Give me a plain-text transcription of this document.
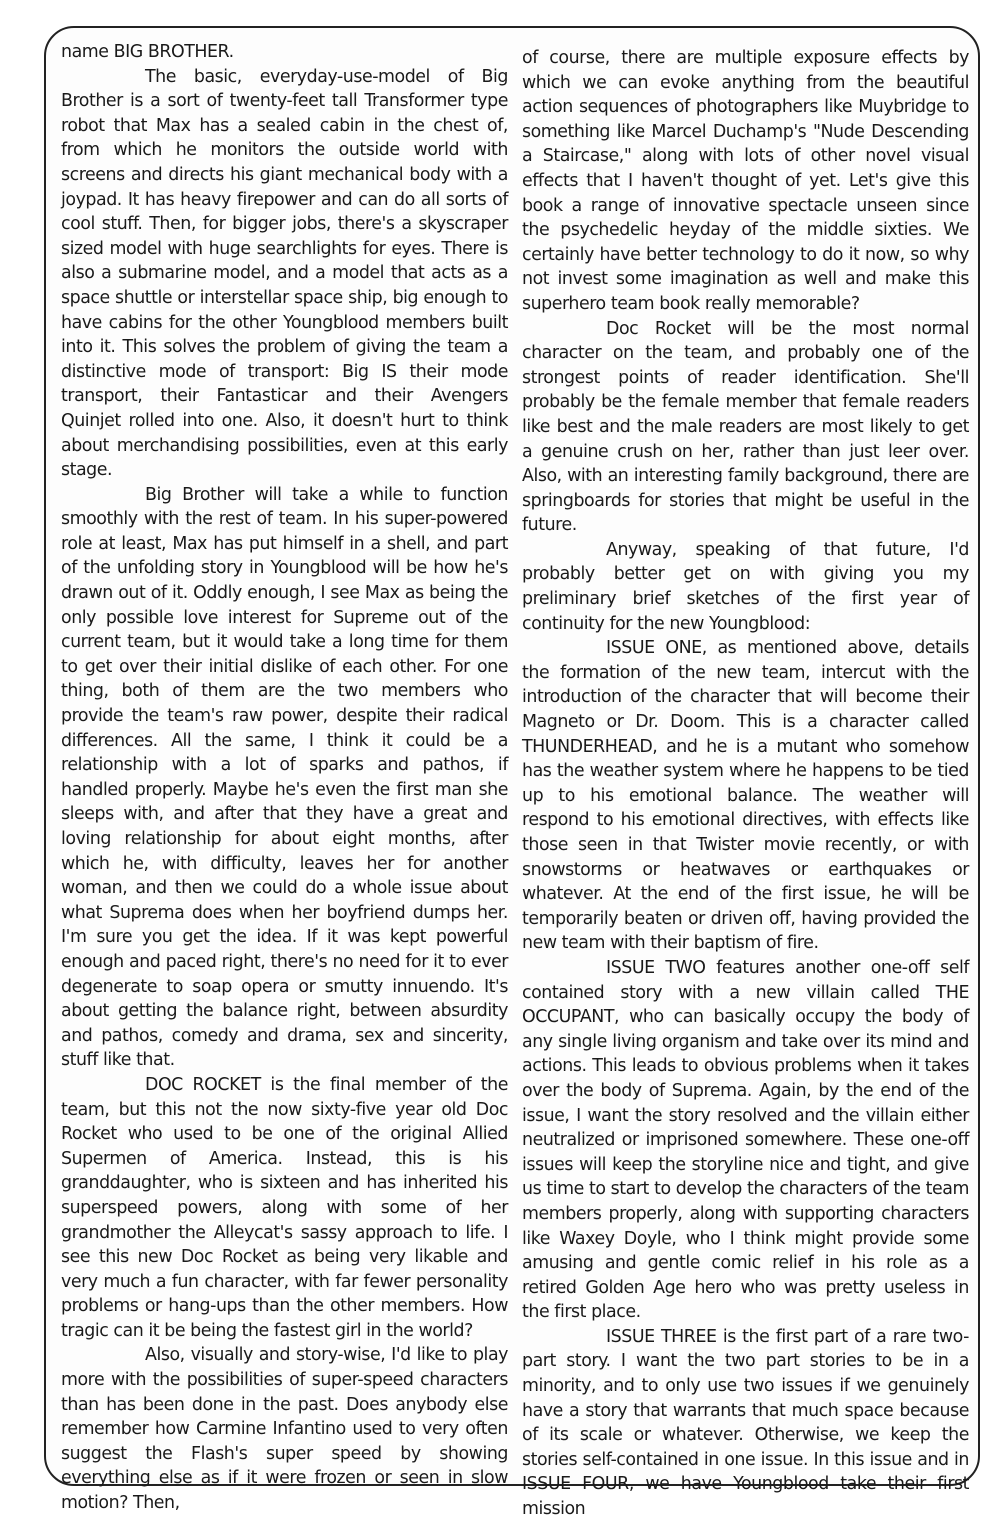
name BIG BROTHER.

The basic, everyday-use-model of Big Brother is a sort of twenty-feet tall Transformer type robot that Max has a sealed cabin in the chest of, from which he monitors the outside world with screens and directs his giant mechanical body with a joypad. It has heavy firepower and can do all sorts of cool stuff. Then, for bigger jobs, there's a skyscraper sized model with huge searchlights for eyes. There is also a submarine model, and a model that acts as a space shuttle or interstellar space ship, big enough to have cabins for the other Youngblood members built into it. This solves the problem of giving the team a distinctive mode of transport: Big IS their mode transport, their Fantasticar and their Avengers Quinjet rolled into one. Also, it doesn't hurt to think about merchandising possibilities, even at this early stage.

Big Brother will take a while to function smoothly with the rest of team. In his super-powered role at least, Max has put himself in a shell, and part of the unfolding story in Youngblood will be how he's drawn out of it. Oddly enough, I see Max as being the only possible love interest for Supreme out of the current team, but it would take a long time for them to get over their initial dislike of each other. For one thing, both of them are the two members who provide the team's raw power, despite their radical differences. All the same, I think it could be a relationship with a lot of sparks and pathos, if handled properly. Maybe he's even the first man she sleeps with, and after that they have a great and loving relationship for about eight months, after which he, with difficulty, leaves her for another woman, and then we could do a whole issue about what Suprema does when her boyfriend dumps her. I'm sure you get the idea. If it was kept powerful enough and paced right, there's no need for it to ever degenerate to soap opera or smutty innuendo. It's about getting the balance right, between absurdity and pathos, comedy and drama, sex and sincerity, stuff like that.

DOC ROCKET is the final member of the team, but this not the now sixty-five year old Doc Rocket who used to be one of the original Allied Supermen of America. Instead, this is his granddaughter, who is sixteen and has inherited his superspeed powers, along with some of her grandmother the Alleycat's sassy approach to life. I see this new Doc Rocket as being very likable and very much a fun character, with far fewer personality problems or hang-ups than the other members. How tragic can it be being the fastest girl in the world?

Also, visually and story-wise, I'd like to play more with the possibilities of super-speed characters than has been done in the past. Does anybody else remember how Carmine Infantino used to very often suggest the Flash's super speed by showing everything else as if it were frozen or seen in slow motion? Then,

of course, there are multiple exposure effects by which we can evoke anything from the beautiful action sequences of photographers like Muybridge to something like Marcel Duchamp's "Nude Descending a Staircase," along with lots of other novel visual effects that I haven't thought of yet. Let's give this book a range of innovative spectacle unseen since the psychedelic heyday of the middle sixties. We certainly have better technology to do it now, so why not invest some imagination as well and make this superhero team book really memorable?

Doc Rocket will be the most normal character on the team, and probably one of the strongest points of reader identification. She'll probably be the female member that female readers like best and the male readers are most likely to get a genuine crush on her, rather than just leer over. Also, with an interesting family background, there are springboards for stories that might be useful in the future.

Anyway, speaking of that future, I'd probably better get on with giving you my preliminary brief sketches of the first year of continuity for the new Youngblood:

ISSUE ONE, as mentioned above, details the formation of the new team, intercut with the introduction of the character that will become their Magneto or Dr. Doom. This is a character called THUNDERHEAD, and he is a mutant who somehow has the weather system where he happens to be tied up to his emotional balance. The weather will respond to his emotional directives, with effects like those seen in that Twister movie recently, or with snowstorms or heatwaves or earthquakes or whatever. At the end of the first issue, he will be temporarily beaten or driven off, having provided the new team with their baptism of fire.

ISSUE TWO features another one-off self contained story with a new villain called THE OCCUPANT, who can basically occupy the body of any single living organism and take over its mind and actions. This leads to obvious problems when it takes over the body of Suprema. Again, by the end of the issue, I want the story resolved and the villain either neutralized or imprisoned somewhere. These one-off issues will keep the storyline nice and tight, and give us time to start to develop the characters of the team members properly, along with supporting characters like Waxey Doyle, who I think might provide some amusing and gentle comic relief in his role as a retired Golden Age hero who was pretty useless in the first place.

ISSUE THREE is the first part of a rare two-part story. I want the two part stories to be in a minority, and to only use two issues if we genuinely have a story that warrants that much space because of its scale or whatever. Otherwise, we keep the stories self-contained in one issue. In this issue and in ISSUE FOUR, we have Youngblood take their first mission
